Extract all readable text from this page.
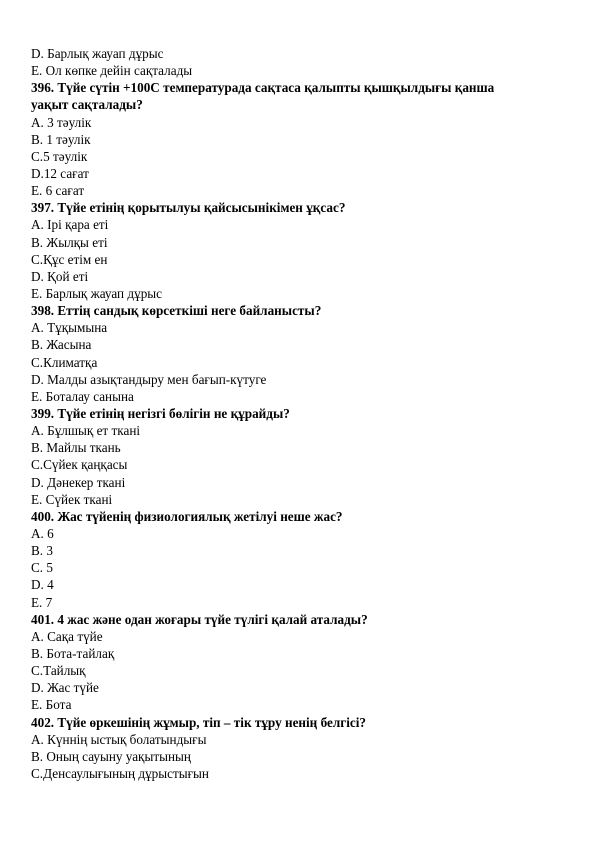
D. Барлық жауап дұрыс
E. Ол көпке дейін сақталады
396. Түйе сүтін +100С температурада сақтаса қалыпты қышқылдығы қанша уақыт сақталады?
A. 3 тәулік
B. 1 тәулік
C.5 тәулік
D.12 сағат
E. 6 сағат
397. Түйе етінің қорытылуы қайсысынікімен ұқсас?
A. Ірі қара еті
B. Жылқы еті
C.Құс етім ен
D. Қой еті
E. Барлық жауап дұрыс
398. Еттің сандық көрсеткіші неге байланысты?
A. Тұқымына
B. Жасына
C.Климатқа
D. Малды азықтандыру мен бағып-күтуге
E. Боталау санына
399. Түйе етінің негізгі бөлігін не құрайды?
A. Бұлшық ет тканi
B. Майлы ткань
C.Сүйек қаңқасы
D. Дәнекер тканi
E. Сүйек тканi
400. Жас түйенің физиологиялық жетілуі неше жас?
A. 6
B. 3
C. 5
D. 4
E. 7
401. 4 жас және одан жоғары түйе түлігі қалай аталады?
A. Сақа түйе
B. Бота-тайлақ
C.Тайлық
D. Жас түйе
E. Бота
402. Түйе өркешінің жұмыр, тіп – тік тұру ненің белгісі?
A. Күннің ыстық болатындығы
B. Оның сауыну уақытының
C.Денсаулығының дұрыстығын
